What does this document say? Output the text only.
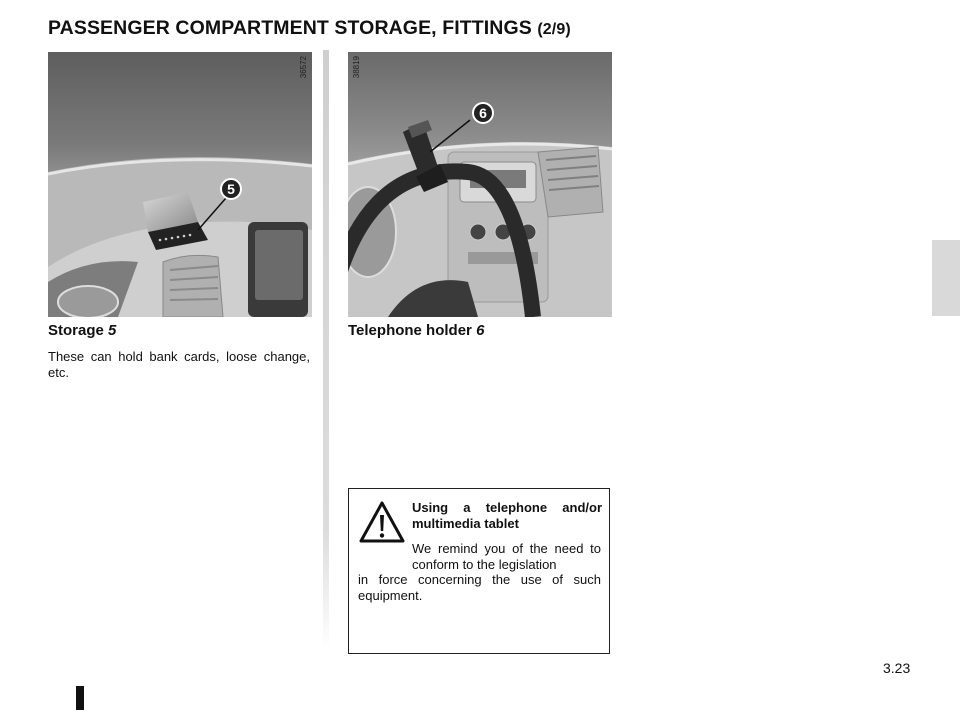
PASSENGER COMPARTMENT STORAGE, FITTINGS (2/9)
36572
5
38819
6
Storage 5
These can hold bank cards, loose change, etc.
Telephone holder 6
Using a telephone and/or multimedia tablet
We remind you of the need to conform to the legislation
in force concerning the use of such equipment.
3.23
